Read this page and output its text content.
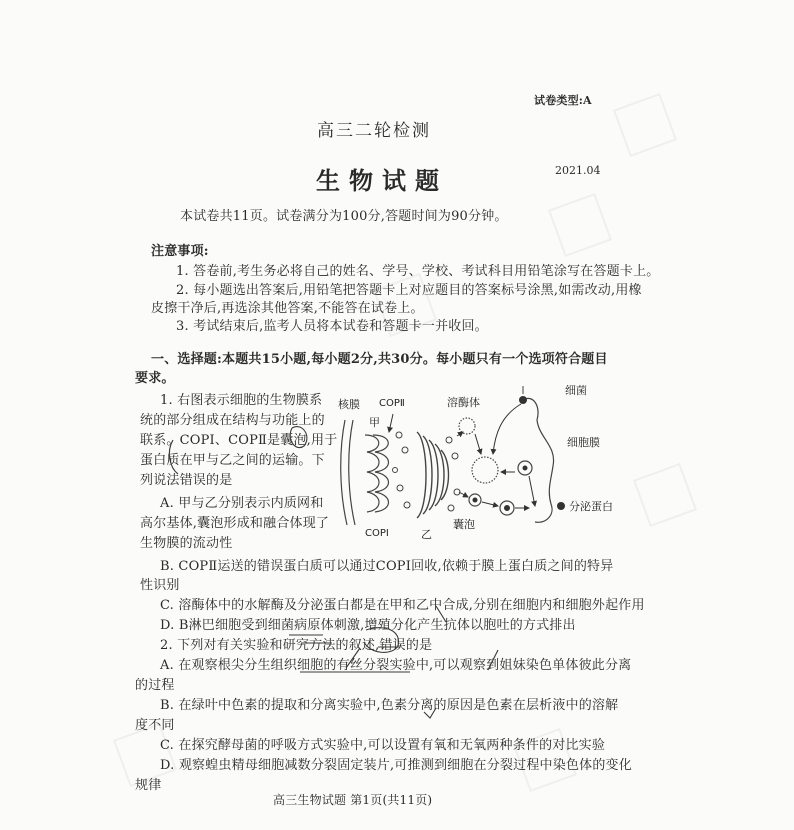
试卷类型:A
高三二轮检测
2021.04
生物试题
本试卷共11页。试卷满分为100分,答题时间为90分钟。
注意事项:
1. 答卷前,考生务必将自己的姓名、学号、学校、考试科目用铅笔涂写在答题卡上。
2. 每小题选出答案后,用铅笔把答题卡上对应题目的答案标号涂黑,如需改动,用橡
皮擦干净后,再选涂其他答案,不能答在试卷上。
3. 考试结束后,监考人员将本试卷和答题卡一并收回。
一、选择题:本题共15小题,每小题2分,共30分。每小题只有一个选项符合题目
要求。
1. 右图表示细胞的生物膜系
统的部分组成在结构与功能上的
联系。COPⅠ、COPⅡ是囊泡,用于
蛋白质在甲与乙之间的运输。下
列说法错误的是
A. 甲与乙分别表示内质网和
高尔基体,囊泡形成和融合体现了
生物膜的流动性
B. COPⅡ运送的错误蛋白质可以通过COPⅠ回收,依赖于膜上蛋白质之间的特异
性识别
C. 溶酶体中的水解酶及分泌蛋白都是在甲和乙中合成,分别在细胞内和细胞外起作用
D. B淋巴细胞受到细菌病原体刺激,增殖分化产生抗体以胞吐的方式排出
2. 下列对有关实验和研究方法的叙述,错误的是
A. 在观察根尖分生组织细胞的有丝分裂实验中,可以观察到姐妹染色单体彼此分离
的过程
B. 在绿叶中色素的提取和分离实验中,色素分离的原因是色素在层析液中的溶解
度不同
C. 在探究酵母菌的呼吸方式实验中,可以设置有氧和无氧两种条件的对比实验
D. 观察蝗虫精母细胞减数分裂固定装片,可推测到细胞在分裂过程中染色体的变化
规律
核膜
甲
COPⅡ
COPⅠ	乙
溶酶体
囊泡
细菌
细胞膜
分泌蛋白
高三生物试题 第1页(共11页)
